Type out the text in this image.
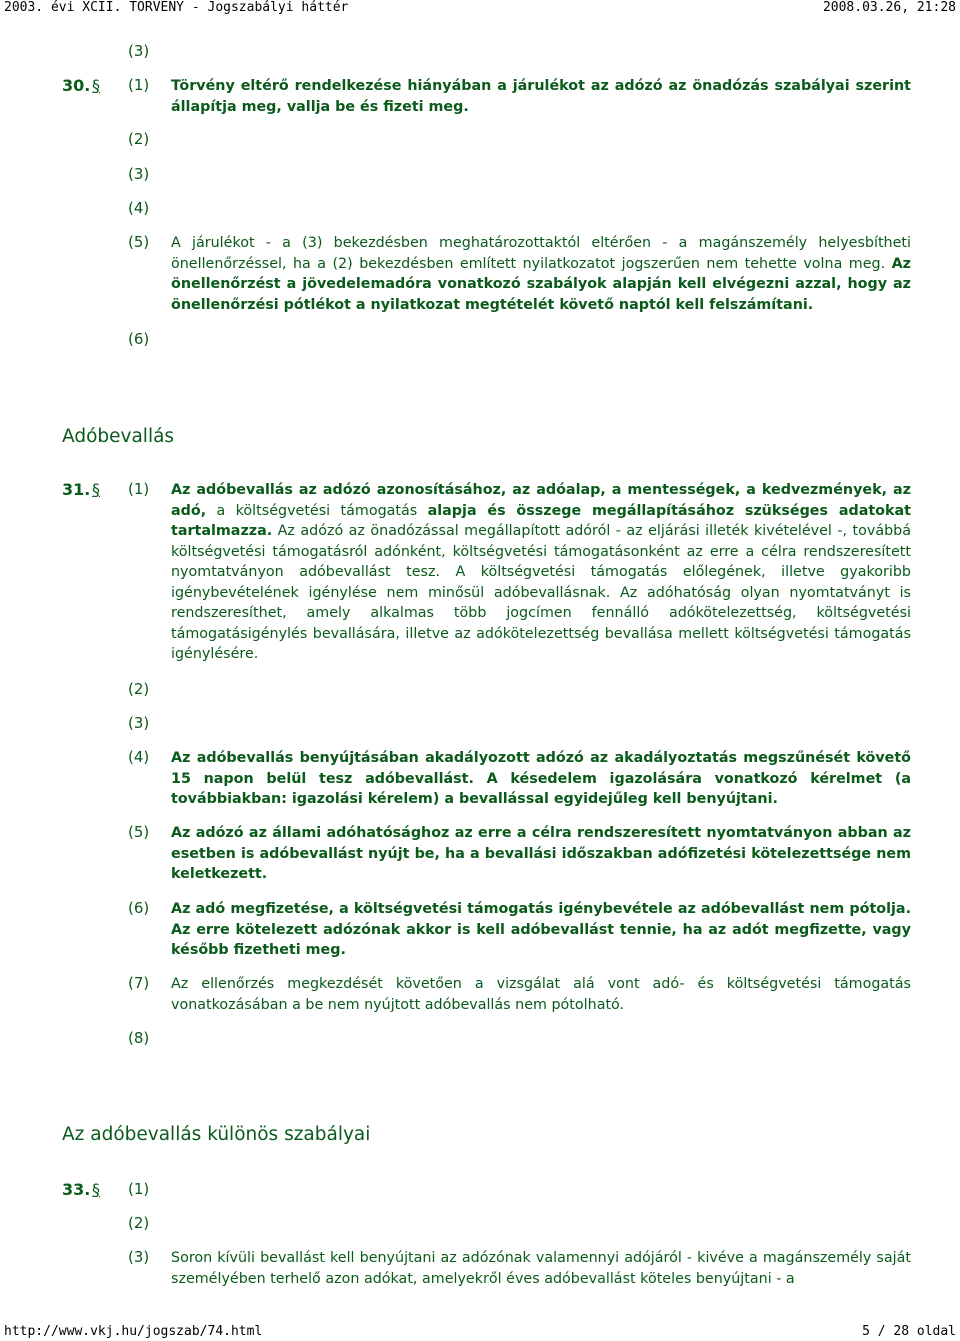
2003. évi XCII. TÖRVÉNY - Jogszabályi háttér	2008.03.26, 21:28
(3)
30. § (1) Törvény eltérő rendelkezése hiányában a járulékot az adózó az önadózás szabályai szerint állapítja meg, vallja be és fizeti meg.
(2)
(3)
(4)
(5) A járulékot - a (3) bekezdésben meghatározottaktól eltérően - a magánszemély helyesbítheti önellenőrzéssel, ha a (2) bekezdésben említett nyilatkozatot jogszerűen nem tehette volna meg. Az önellenőrzést a jövedelemadóra vonatkozó szabályok alapján kell elvégezni azzal, hogy az önellenőrzési pótlékot a nyilatkozat megtételét követő naptól kell felszámítani.
(6)
Adóbevallás
31. § (1) Az adóbevallás az adózó azonosításához, az adóalap, a mentességek, a kedvezmények, az adó, a költségvetési támogatás alapja és összege megállapításához szükséges adatokat tartalmazza. Az adózó az önadózással megállapított adóról - az eljárási illeték kivételével -, továbbá költségvetési támogatásról adónként, költségvetési támogatásonként az erre a célra rendszeresített nyomtatványon adóbevallást tesz. A költségvetési támogatás előlegének, illetve gyakoribb igénybevételének igénylése nem minősül adóbevallásnak. Az adóhatóság olyan nyomtatványt is rendszeresíthet, amely alkalmas több jogcímen fennálló adókötelezettség, költségvetési támogatásigénylés bevallására, illetve az adókötelezettség bevallása mellett költségvetési támogatás igénylésére.
(2)
(3)
(4) Az adóbevallás benyújtásában akadályozott adózó az akadályoztatás megszűnését követő 15 napon belül tesz adóbevallást. A késedelem igazolására vonatkozó kérelmet (a továbbiakban: igazolási kérelem) a bevallással egyidejűleg kell benyújtani.
(5) Az adózó az állami adóhatósághoz az erre a célra rendszeresített nyomtatványon abban az esetben is adóbevallást nyújt be, ha a bevallási időszakban adófizetési kötelezettsége nem keletkezett.
(6) Az adó megfizetése, a költségvetési támogatás igénybevétele az adóbevallást nem pótolja. Az erre kötelezett adózónak akkor is kell adóbevallást tennie, ha az adót megfizette, vagy később fizetheti meg.
(7) Az ellenőrzés megkezdését követően a vizsgálat alá vont adó- és költségvetési támogatás vonatkozásában a be nem nyújtott adóbevallás nem pótolható.
(8)
Az adóbevallás különös szabályai
33. § (1)
(2)
(3) Soron kívüli bevallást kell benyújtani az adózónak valamennyi adójáról - kivéve a magánszemély saját személyében terhelő azon adókat, amelyekről éves adóbevallást köteles benyújtani - a
http://www.vkj.hu/jogszab/74.html	5 / 28 oldal
